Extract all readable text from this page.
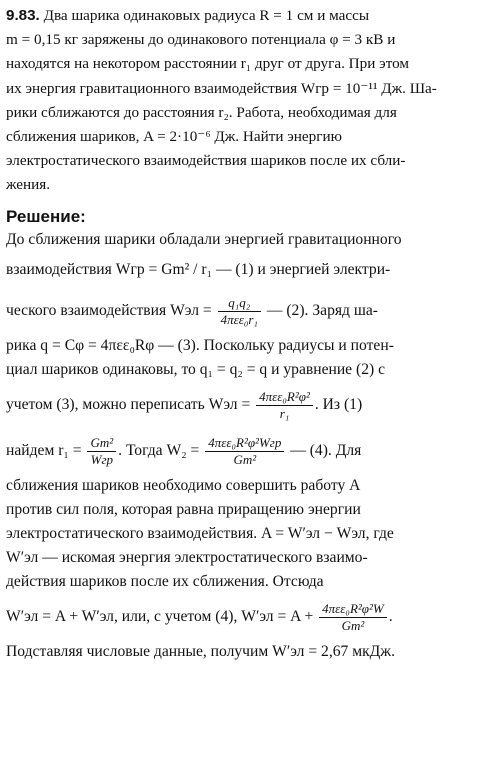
9.83. Два шарика одинаковых радиуса R = 1 см и массы
m = 0,15 кг заряжены до одинакового потенциала φ = 3 кВ и
находятся на некотором расстоянии r₁ друг от друга. При этом
их энергия гравитационного взаимодействия Wгр = 10⁻¹¹ Дж. Ша-
рики сближаются до расстояния r₂. Работа, необходимая для
сближения шариков, A = 2·10⁻⁶ Дж. Найти энергию
электростатического взаимодействия шариков после их сбли-
жения.
Решение:
До сближения шарики обладали энергией гравитационного
взаимодействия Wгр = Gm² / r₁ — (1) и энергией электри-
ческого взаимодействия Wэл = $\frac{\text{q₁q₂}}{\text{4πεε₀r₁}}$ — (2). Заряд ша-
рика q = Cφ = 4πεε₀Rφ — (3). Поскольку радиусы и потен-
циал шариков одинаковы, то q₁ = q₂ = q и уравнение (2) с
учетом (3), можно переписать Wэл = $\frac{\text{4πεε₀R²φ²}}{\text{r₁}}$ . Из (1)
найдем $r_1 = \frac{\text{Gm²}}{\text{Wгр}}$ . Тогда $W_2 = \frac{\text{4πεε₀R²φ²Wгр}}{\text{Gm²}}$ — (4). Для
сближения шариков необходимо совершить работу A
против сил поля, которая равна приращению энергии
электростатического взаимодействия. A = W′эл − Wэл, где
W′эл — искомая энергия электростатического взаимо-
действия шариков после их сближения. Отсюда
W′эл = A + W′эл, или, с учетом (4), $W'эл = A + \frac{\text{4πεε₀R²φ²W}}{\text{Gm²}}$ .
Подставляя числовые данные, получим W′эл = 2,67 мкДж.
